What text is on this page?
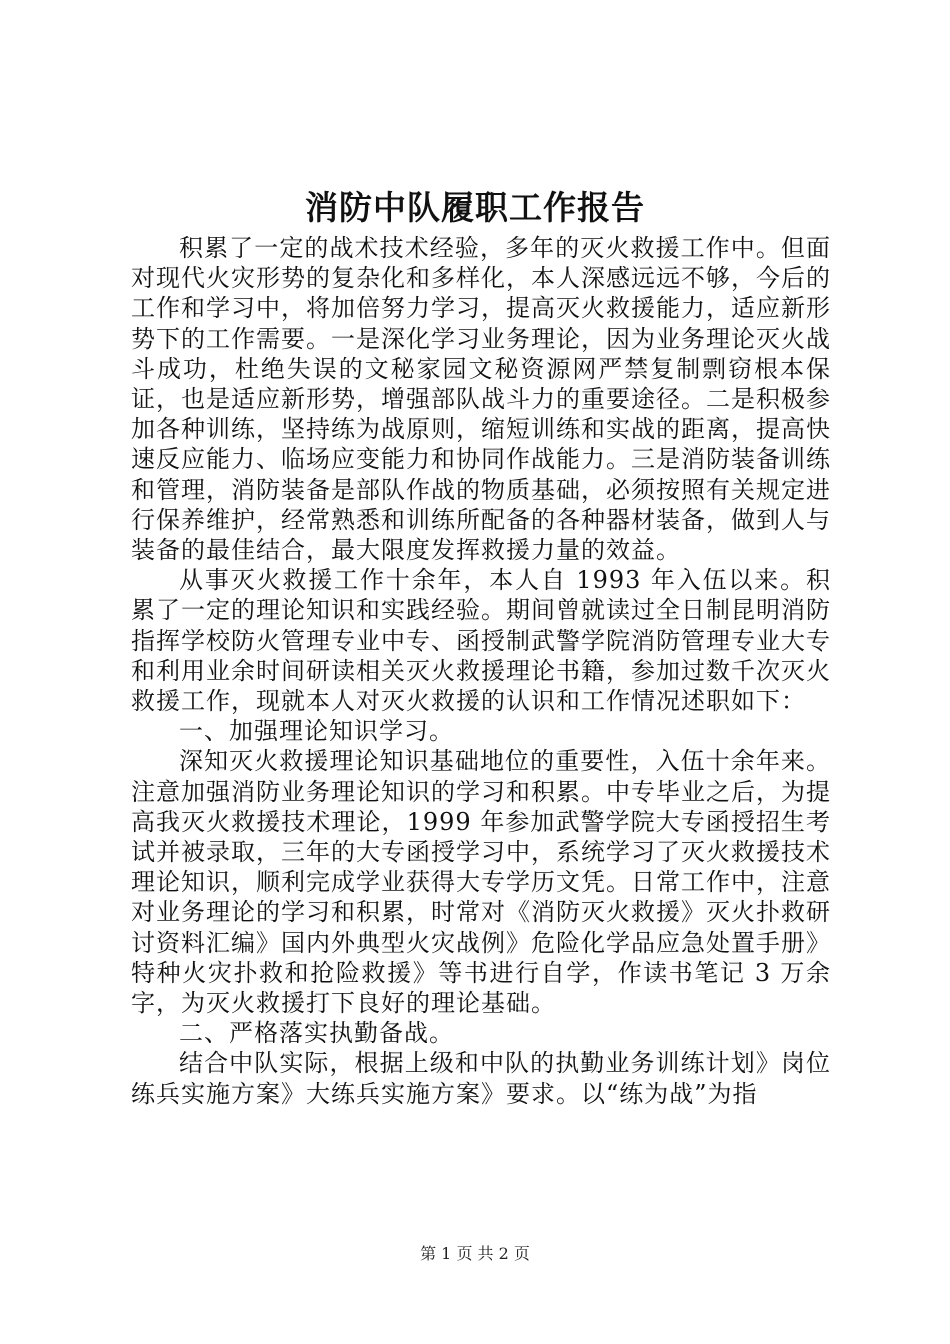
消防中队履职工作报告

积累了一定的战术技术经验，多年的灭火救援工作中。但面对现代火灾形势的复杂化和多样化，本人深感远远不够，今后的工作和学习中，将加倍努力学习，提高灭火救援能力，适应新形势下的工作需要。一是深化学习业务理论，因为业务理论灭火战斗成功，杜绝失误的文秘家园文秘资源网严禁复制剽窃根本保证，也是适应新形势，增强部队战斗力的重要途径。二是积极参加各种训练，坚持练为战原则，缩短训练和实战的距离，提高快速反应能力、临场应变能力和协同作战能力。三是消防装备训练和管理，消防装备是部队作战的物质基础，必须按照有关规定进行保养维护，经常熟悉和训练所配备的各种器材装备，做到人与装备的最佳结合，最大限度发挥救援力量的效益。

从事灭火救援工作十余年，本人自 1993 年入伍以来。积累了一定的理论知识和实践经验。期间曾就读过全日制昆明消防指挥学校防火管理专业中专、函授制武警学院消防管理专业大专和利用业余时间研读相关灭火救援理论书籍，参加过数千次灭火救援工作，现就本人对灭火救援的认识和工作情况述职如下：

一、加强理论知识学习。

深知灭火救援理论知识基础地位的重要性，入伍十余年来。注意加强消防业务理论知识的学习和积累。中专毕业之后，为提高我灭火救援技术理论，1999 年参加武警学院大专函授招生考试并被录取，三年的大专函授学习中，系统学习了灭火救援技术理论知识，顺利完成学业获得大专学历文凭。日常工作中，注意对业务理论的学习和积累，时常对《消防灭火救援》灭火扑救研讨资料汇编》国内外典型火灾战例》危险化学品应急处置手册》特种火灾扑救和抢险救援》等书进行自学，作读书笔记 3 万余字，为灭火救援打下良好的理论基础。

二、严格落实执勤备战。

结合中队实际，根据上级和中队的执勤业务训练计划》岗位练兵实施方案》大练兵实施方案》要求。以“练为战”为指

第 1 页 共 2 页
